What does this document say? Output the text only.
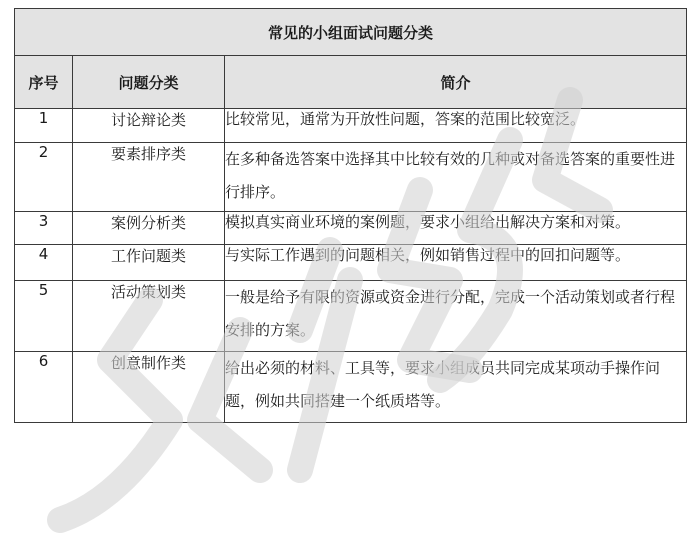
常见的小组面试问题分类		
序号	问题分类	简介
1	讨论辩论类	比较常见，通常为开放性问题，答案的范围比较宽泛。
2	要素排序类	在多种备选答案中选择其中比较有效的几种或对备选答案的重要性进行排序。
3	案例分析类	模拟真实商业环境的案例题，要求小组给出解决方案和对策。
4	工作问题类	与实际工作遇到的问题相关，例如销售过程中的回扣问题等。
5	活动策划类	一般是给予有限的资源或资金进行分配，完成一个活动策划或者行程安排的方案。
6	创意制作类	给出必须的材料、工具等，要求小组成员共同完成某项动手操作问题，例如共同搭建一个纸质塔等。
